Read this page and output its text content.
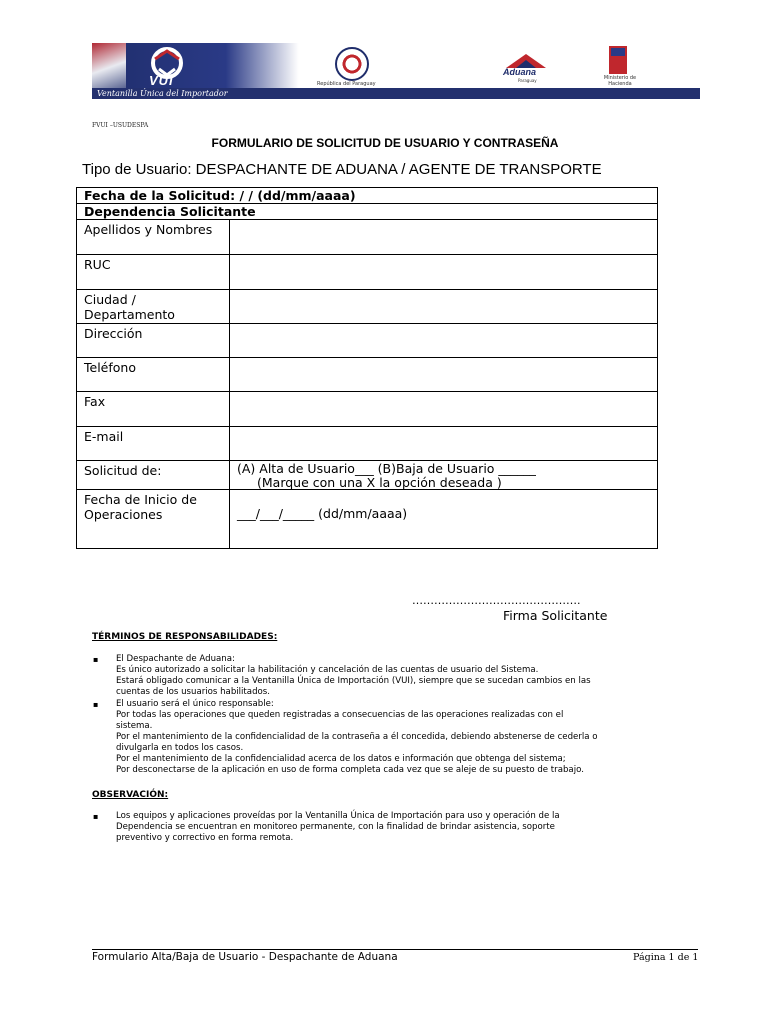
VUI
Ventanilla Única del Importador
República del Paraguay
Aduana
Paraguay	Ministerio de
Hacienda
FVUI –USUDESPA
FORMULARIO DE SOLICITUD DE USUARIO Y CONTRASEÑA
Tipo de Usuario: DESPACHANTE DE ADUANA / AGENTE DE TRANSPORTE
Fecha de la Solicitud: / / (dd/mm/aaaa)
Dependencia Solicitante
Apellidos y Nombres
RUC
Ciudad /
Departamento
Dirección
Teléfono
Fax
E-mail
Solicitud de:	(A) Alta de Usuario___ (B)Baja de Usuario ______
(Marque con una X la opción deseada )
Fecha de Inicio de
Operaciones	___/___/_____ (dd/mm/aaaa)
……………………………………….
Firma Solicitante
TÉRMINOS DE RESPONSABILIDADES:
▪ El Despachante de Aduana:
Es único autorizado a solicitar la habilitación y cancelación de las cuentas de usuario del Sistema.
Estará obligado comunicar a la Ventanilla Única de Importación (VUI), siempre que se sucedan cambios en las
cuentas de los usuarios habilitados.
▪ El usuario será el único responsable:
Por todas las operaciones que queden registradas a consecuencias de las operaciones realizadas con el
sistema.
Por el mantenimiento de la confidencialidad de la contraseña a él concedida, debiendo abstenerse de cederla o
divulgarla en todos los casos.
Por el mantenimiento de la confidencialidad acerca de los datos e información que obtenga del sistema;
Por desconectarse de la aplicación en uso de forma completa cada vez que se aleje de su puesto de trabajo.
OBSERVACIÓN:
▪ Los equipos y aplicaciones proveídas por la Ventanilla Única de Importación para uso y operación de la
Dependencia se encuentran en monitoreo permanente, con la finalidad de brindar asistencia, soporte
preventivo y correctivo en forma remota.
Formulario Alta/Baja de Usuario - Despachante de Aduana	Página 1 de 1
